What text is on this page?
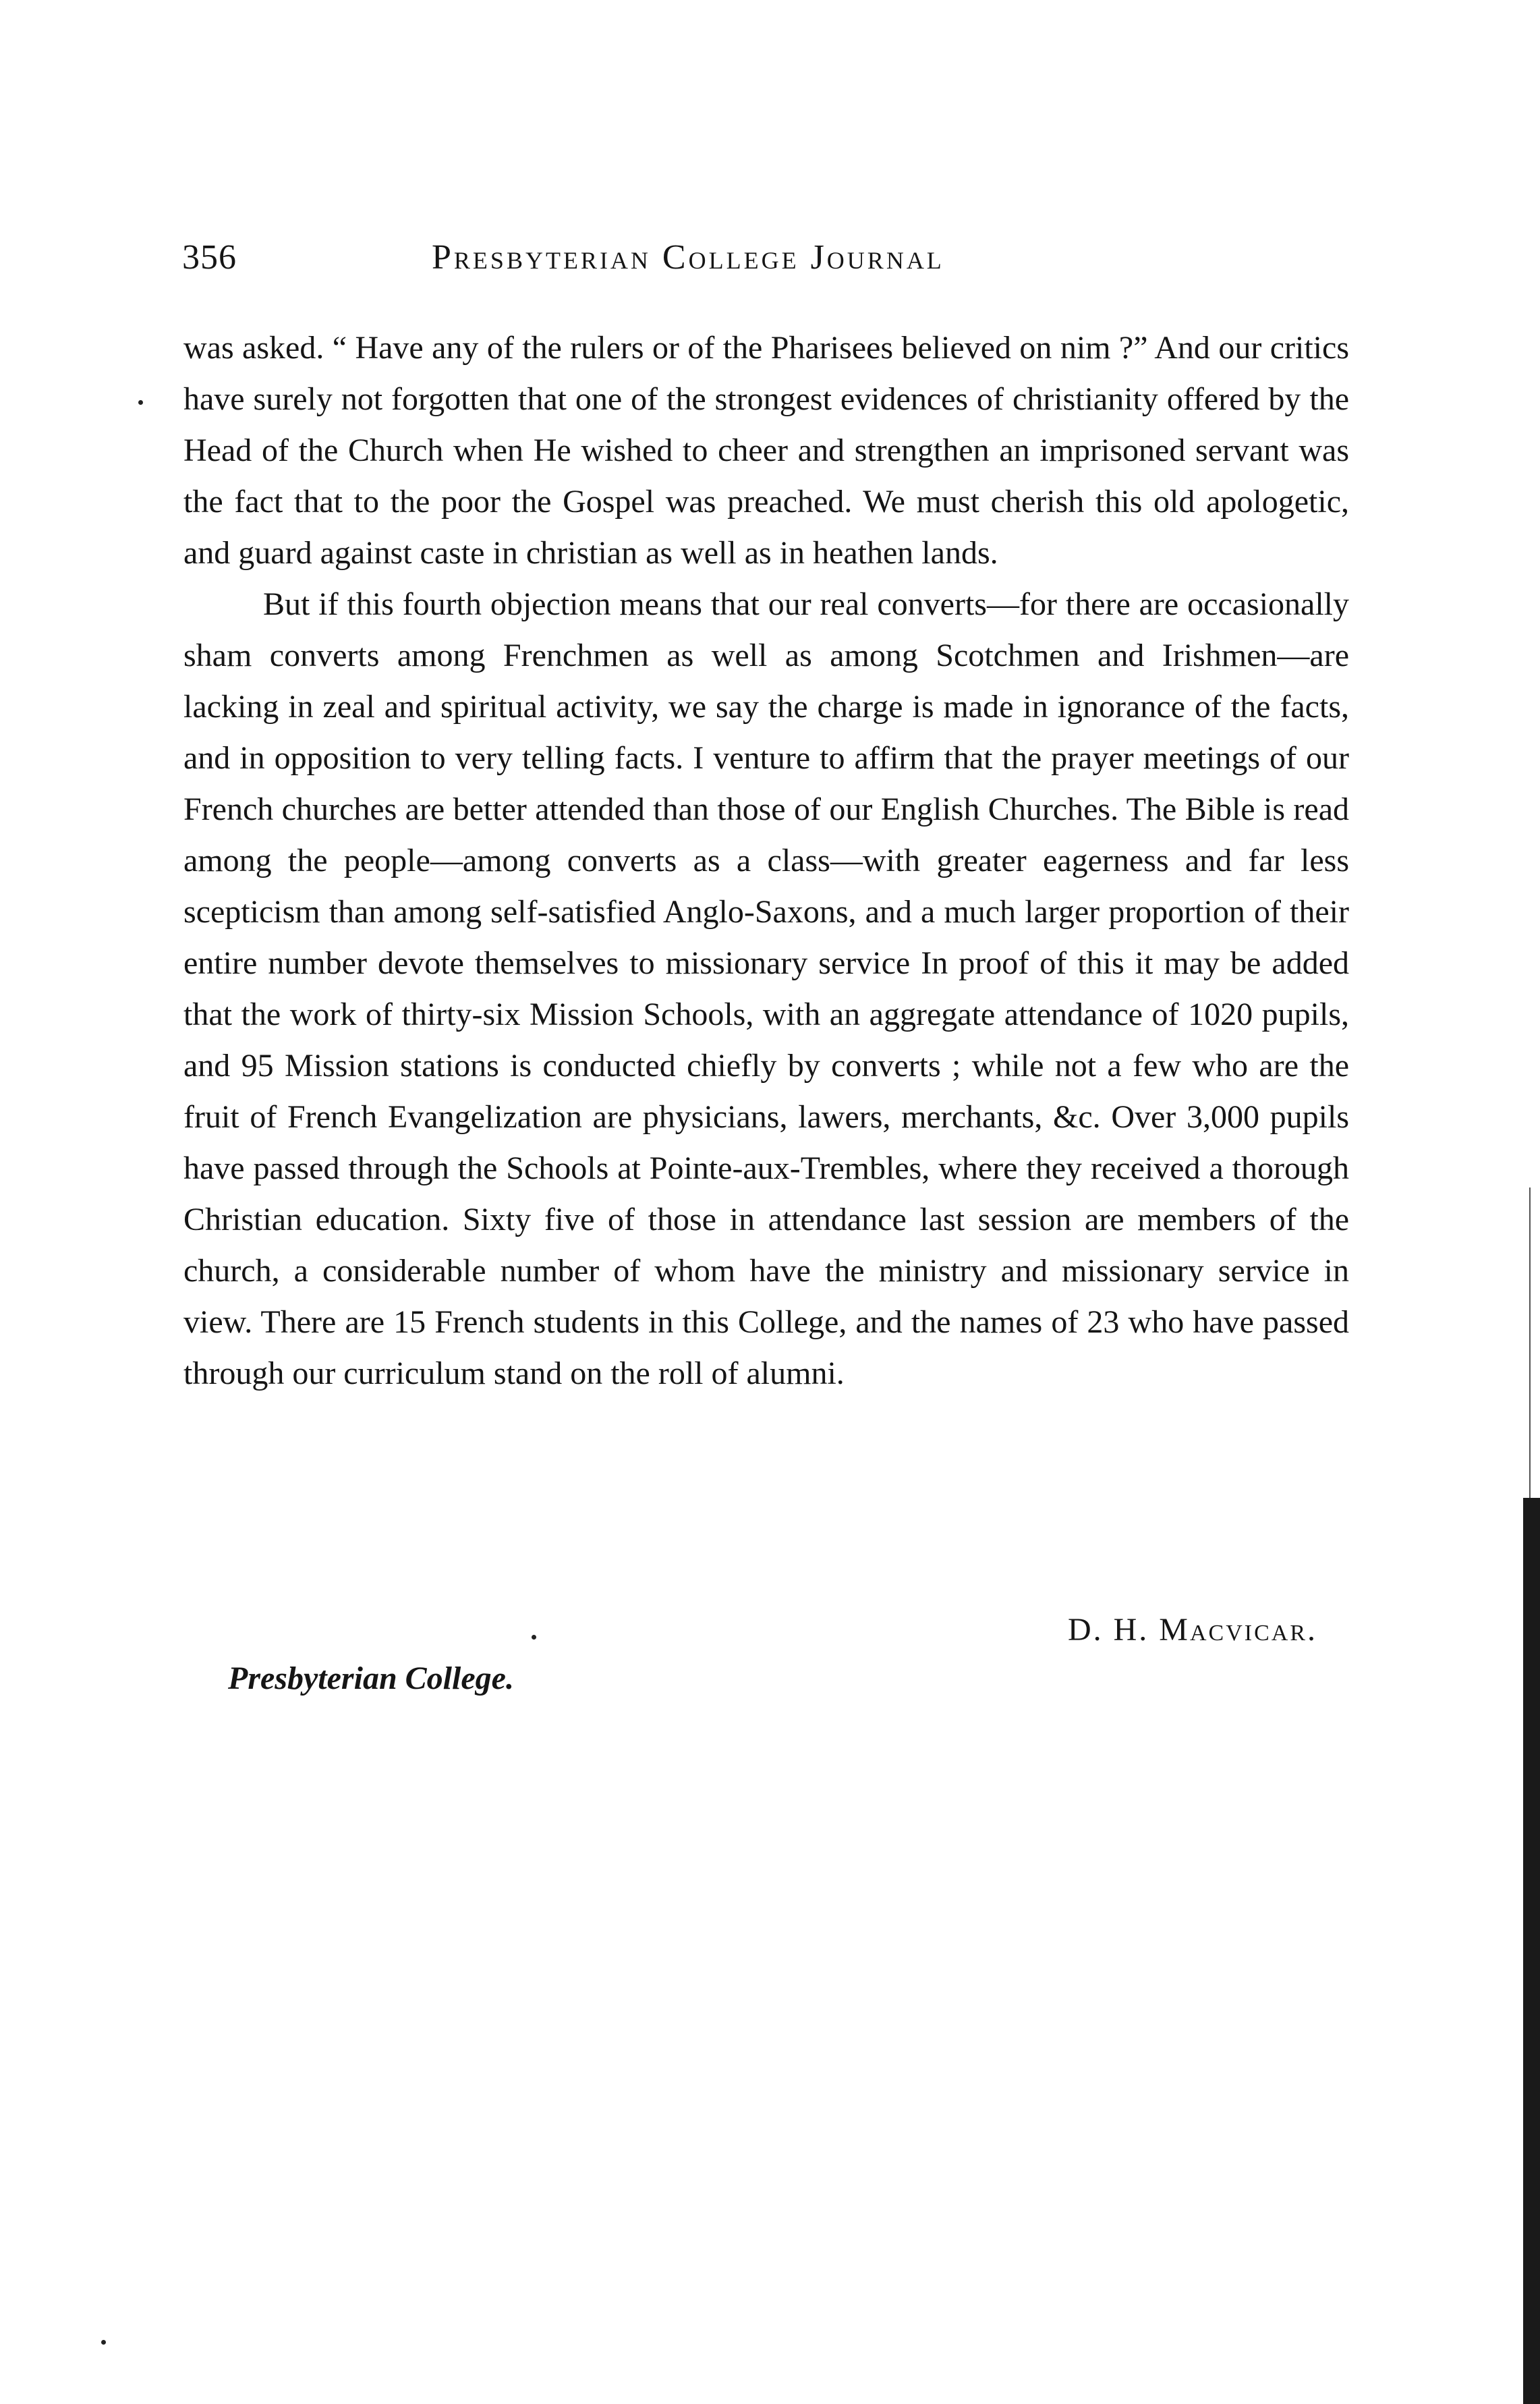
356	Presbyterian College Journal

was asked. “ Have any of the rulers or of the Pharisees believed on nim ?” And our critics have surely not forgotten that one of the strongest evidences of christianity offered by the Head of the Church when He wished to cheer and strengthen an imprisoned servant was the fact that to the poor the Gospel was preached. We must cherish this old apologetic, and guard against caste in christian as well as in heathen lands.

But if this fourth objection means that our real converts—for there are occasionally sham converts among Frenchmen as well as among Scotchmen and Irishmen—are lacking in zeal and spiritual activity, we say the charge is made in ignorance of the facts, and in opposition to very telling facts. I venture to affirm that the prayer meetings of our French churches are better attended than those of our English Churches. The Bible is read among the people—among converts as a class—with greater eagerness and far less scepticism than among self-satisfied Anglo-Saxons, and a much larger proportion of their entire number devote themselves to missionary service In proof of this it may be added that the work of thirty-six Mission Schools, with an aggregate attendance of 1020 pupils, and 95 Mission stations is conducted chiefly by converts ; while not a few who are the fruit of French Evangelization are physicians, lawers, merchants, &c. Over 3,000 pupils have passed through the Schools at Pointe-aux-Trembles, where they received a thorough Christian education. Sixty five of those in attendance last session are members of the church, a considerable number of whom have the ministry and missionary service in view. There are 15 French students in this College, and the names of 23 who have passed through our curriculum stand on the roll of alumni.

D. H. Macvicar.
Presbyterian College.
